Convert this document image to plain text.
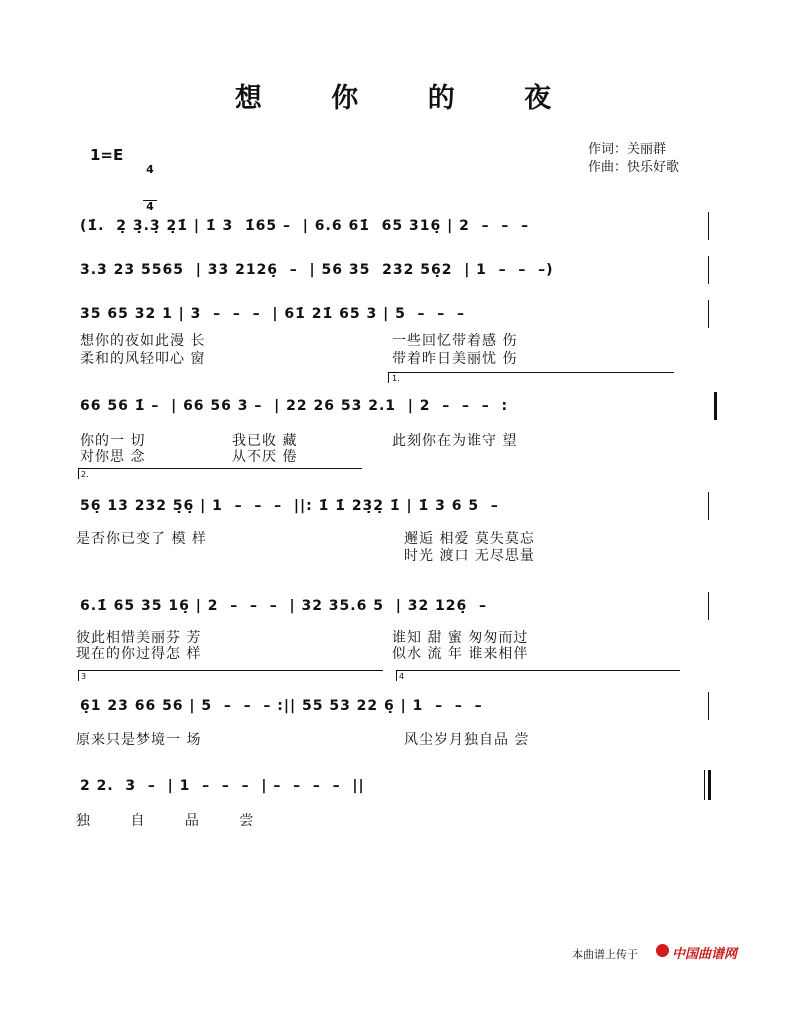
想 你 的 夜
1=E

4

4

作词：关丽群
作曲：快乐好歌
(1̇.  2̣ 3̣.3̣ 2̣1̇ | 1̇ 3  1̇65 –  | 6.6 61̇  65 316̣ | 2  –  –  –
3.3 23 5565  | 33 2126̣  –  | 56 35  232 56̣2  | 1  –  –  –)
35 65 32 1 | 3  –  –  –  | 61̇ 21̇ 65 3 | 5  –  –  –
想你的夜如此漫 长
柔和的风轻叩心 窗
一些回忆带着感 伤
带着昨日美丽忧 伤
1.
66 56 1̇ –  | 66 56 3 –  | 22 26 53 2.1  | 2  –  –  –  :
你的一 切
对你思 念
我已收 藏
从不厌 倦
此刻你在为谁守 望
2.
56̣ 13 232 5̣6̣ | 1  –  –  –  ||: 1̇ 1̇ 23̣2̣ 1̇ | 1̇ 3 6 5  –
是否你已变了 模 样	邂逅 相爱 莫失莫忘
时光 渡口 无尽思量
6.1̇ 65 35 16̣ | 2  –  –  –  | 32 35.6 5  | 32 126̣  –
彼此相惜美丽芬 芳
现在的你过得怎 样
谁知 甜 蜜 匆匆而过
似水 流 年 谁来相伴
3	4
6̣1 23 66 56 | 5  –  –  – :|| 55 53 22 6̣ | 1  –  –  –
原来只是梦境一 场	风尘岁月独自品 尝
2 2.  3  –  | 1  –  –  –  | –  –  –  –  ||
独 自 品 尝

本曲谱上传于

	中国曲谱网
